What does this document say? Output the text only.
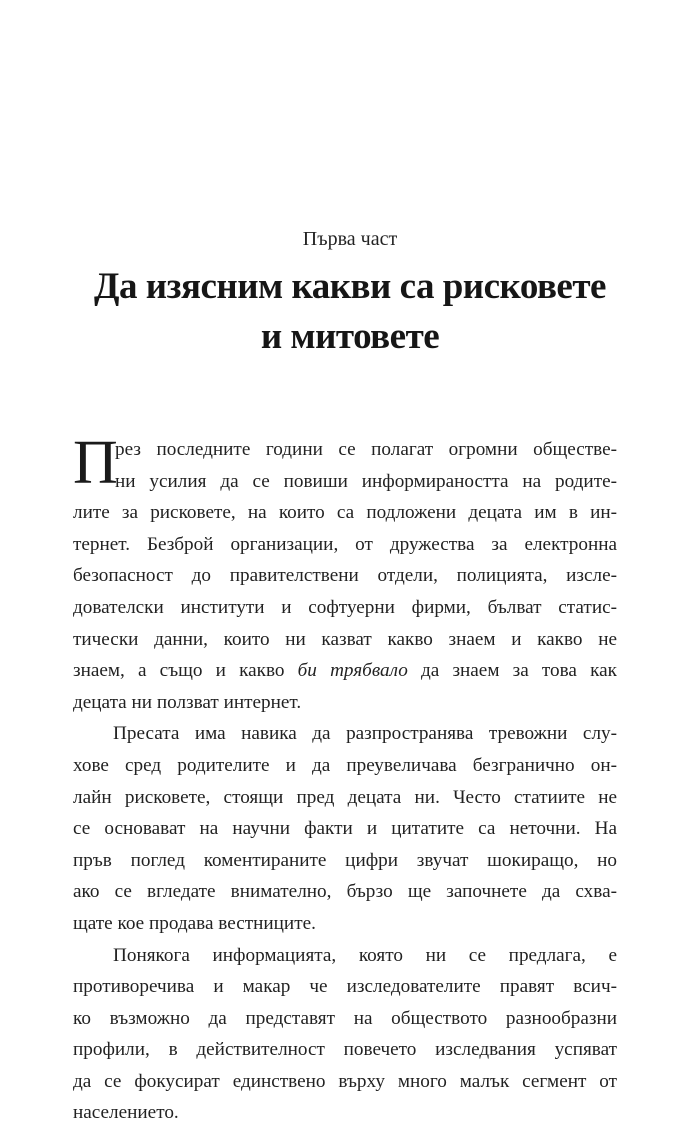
Първа част
Да изясним какви са рисковете
и митовете
П
рез последните години се полагат огромни обществе-
ни усилия да се повиши информираността на родите-
лите за рисковете, на които са подложени децата им в ин-
тернет. Безброй организации, от дружества за електронна
безопасност до правителствени отдели, полицията, изсле-
дователски институти и софтуерни фирми, бълват статис-
тически данни, които ни казват какво знаем и какво не
знаем, а също и какво би трябвало да знаем за това как
децата ни ползват интернет.
Пресата има навика да разпространява тревожни слу-
хове сред родителите и да преувеличава безгранично он-
лайн рисковете, стоящи пред децата ни. Често статиите не
се основават на научни факти и цитатите са неточни. На
пръв поглед коментираните цифри звучат шокиращо, но
ако се вгледате внимателно, бързо ще започнете да схва-
щате кое продава вестниците.
Понякога информацията, която ни се предлага, е
противоречива и макар че изследователите правят всич-
ко възможно да представят на обществото разнообразни
профили, в действителност повечето изследвания успяват
да се фокусират единствено върху много малък сегмент от
населението.
